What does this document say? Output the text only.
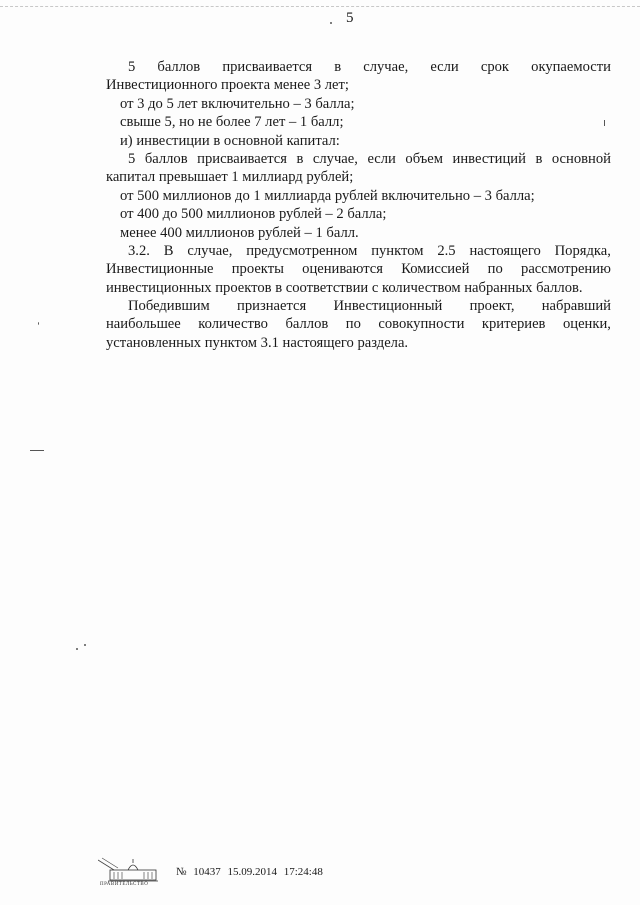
5
5 баллов присваивается в случае, если срок окупаемости
Инвестиционного проекта менее 3 лет;
от 3 до 5 лет включительно – 3 балла;
свыше 5, но не более 7 лет – 1 балл;
и) инвестиции в основной капитал:
5 баллов присваивается в случае, если объем инвестиций в основной
капитал превышает 1 миллиард рублей;
от 500 миллионов до 1 миллиарда рублей включительно – 3 балла;
от 400 до 500 миллионов рублей – 2 балла;
менее 400 миллионов рублей – 1 балл.
3.2. В случае, предусмотренном пунктом 2.5 настоящего Порядка,
Инвестиционные проекты оцениваются Комиссией по рассмотрению
инвестиционных проектов в соответствии с количеством набранных баллов.
Победившим признается Инвестиционный проект, набравший
наибольшее количество баллов по совокупности критериев оценки,
установленных пунктом 3.1 настоящего раздела.
ПРАВИТЕЛЬСТВО
№ 10437 15.09.2014 17:24:48
